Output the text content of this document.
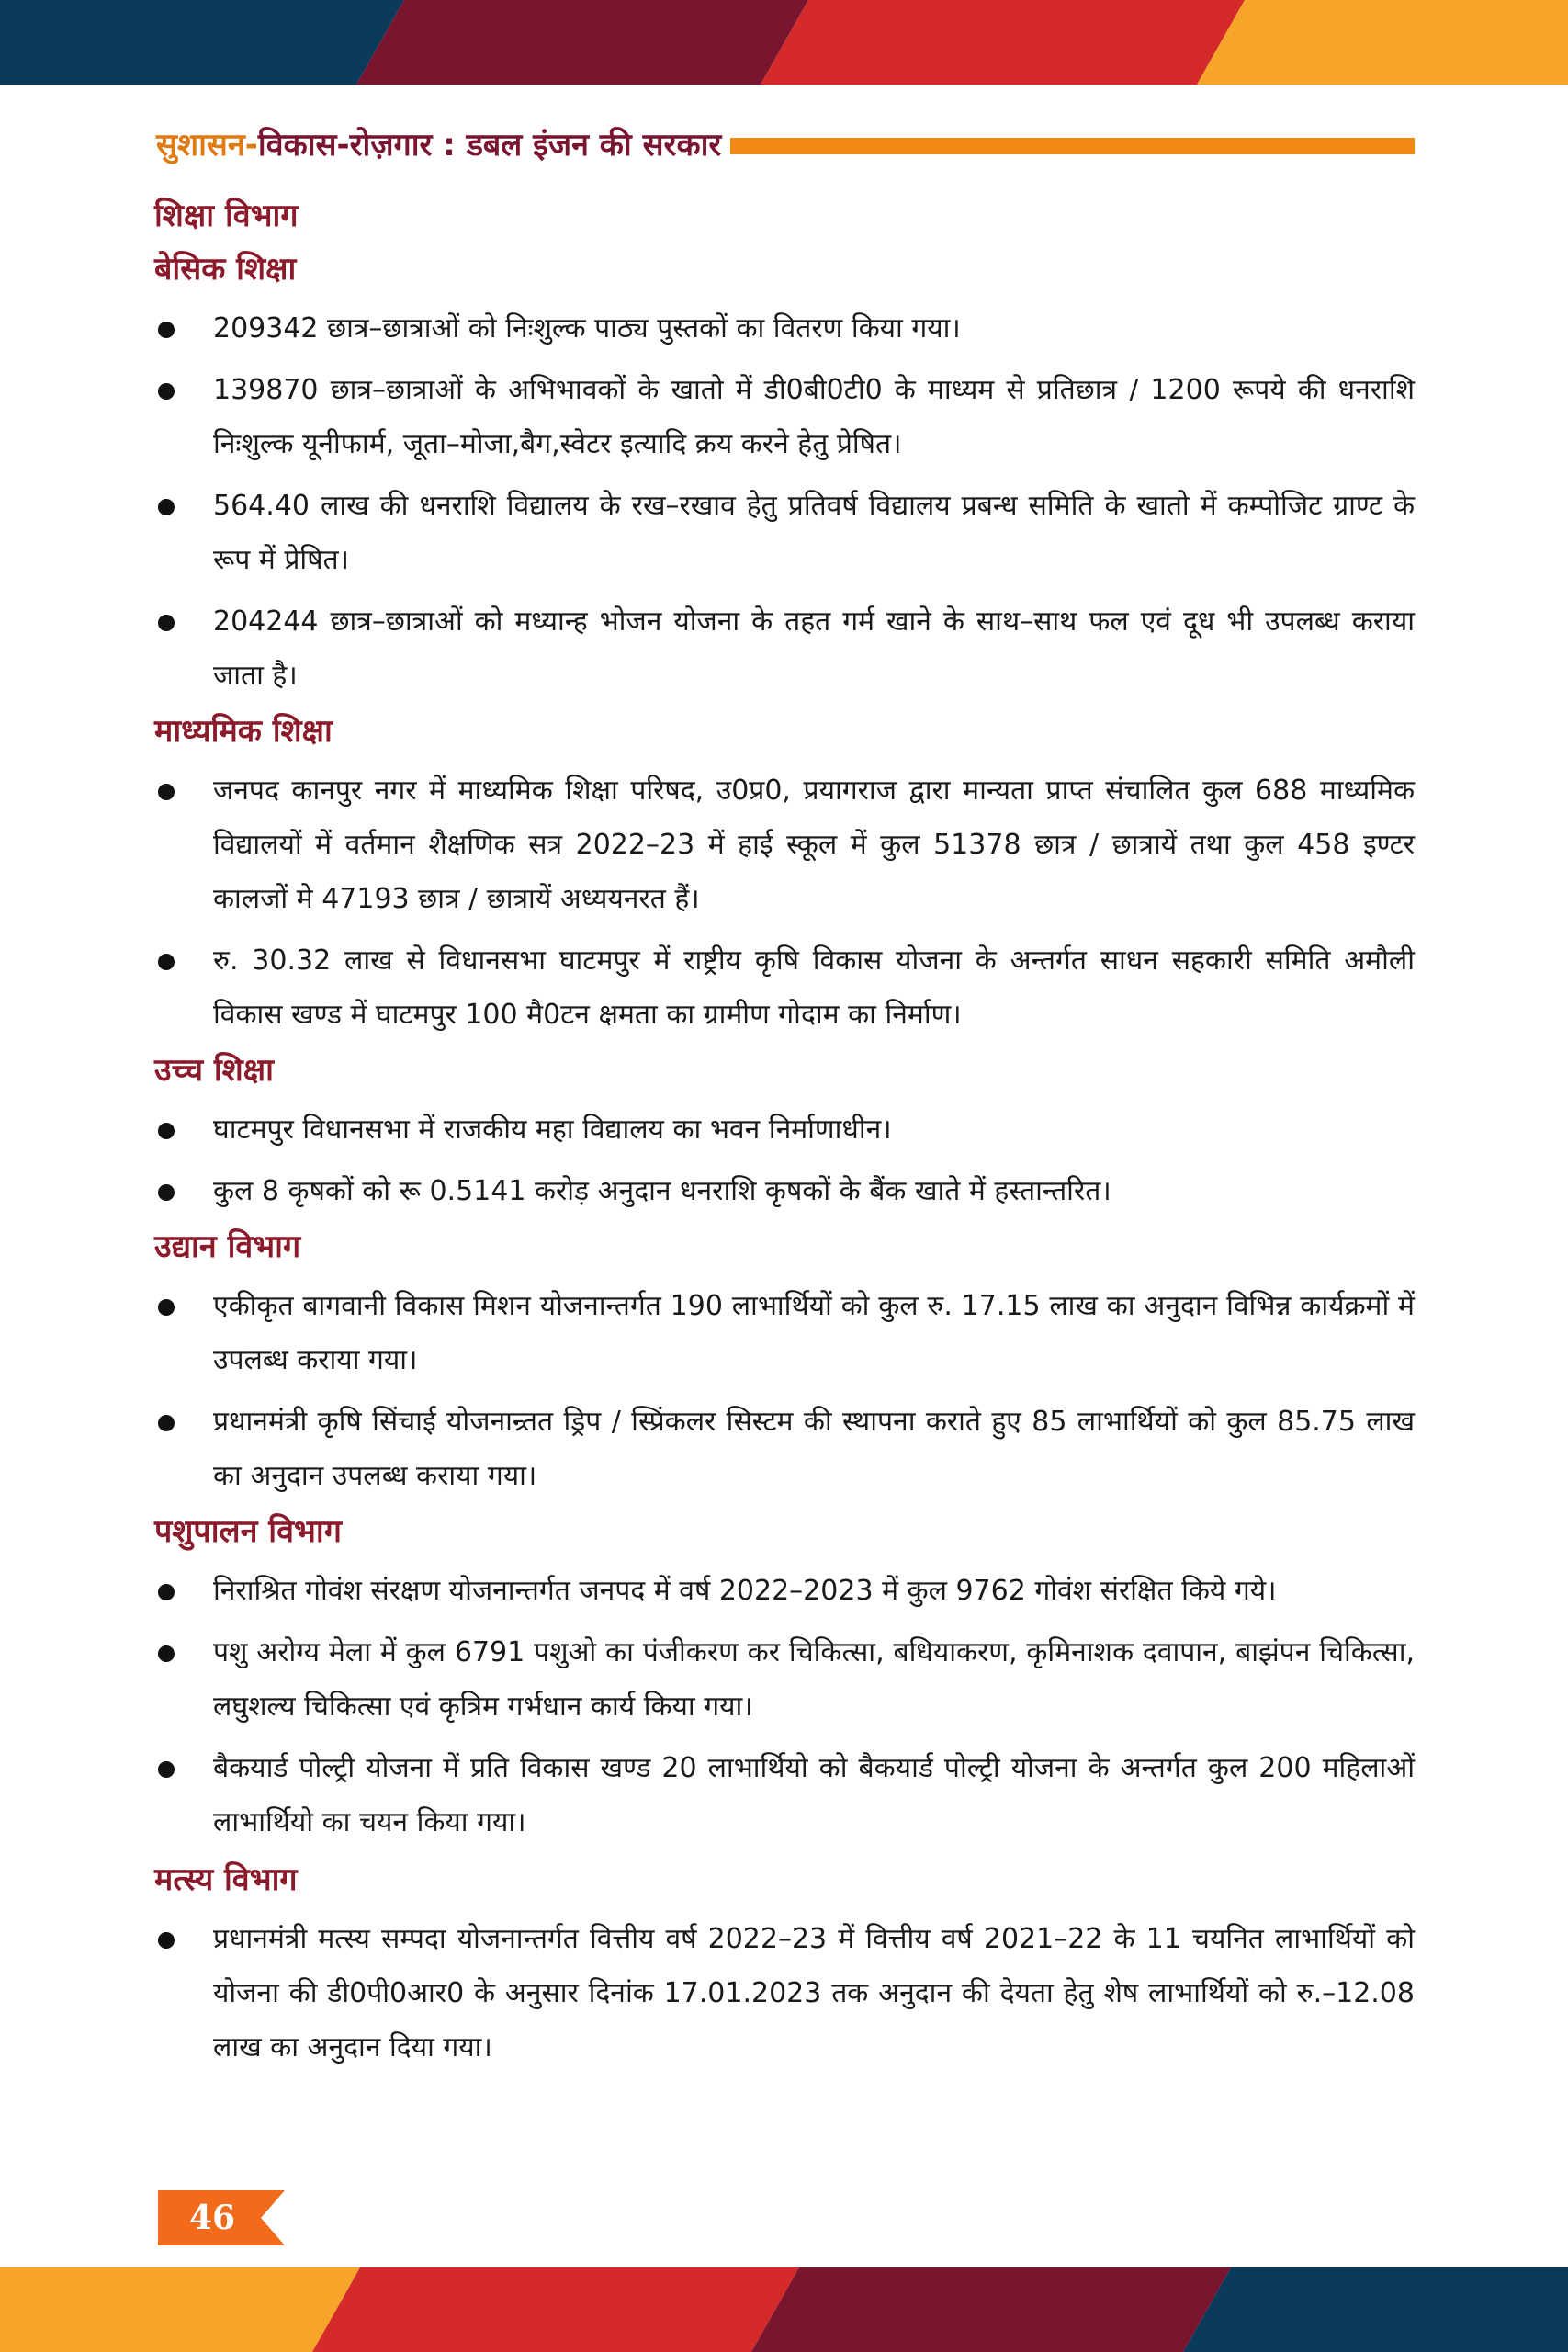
सुशासन-विकास-रोज़गार : डबल इंजन की सरकार
शिक्षा विभाग
बेसिक शिक्षा
209342 छात्र–छात्राओं को निःशुल्क पाठ्य पुस्तकों का वितरण किया गया।
139870 छात्र–छात्राओं के अभिभावकों के खातो में डी0बी0टी0 के माध्यम से प्रतिछात्र / 1200 रूपये की धनराशि निःशुल्क यूनीफार्म, जूता–मोजा,बैग,स्वेटर इत्यादि क्रय करने हेतु प्रेषित।
564.40 लाख की धनराशि विद्यालय के रख–रखाव हेतु प्रतिवर्ष विद्यालय प्रबन्ध समिति के खातो में कम्पोजिट ग्राण्ट के रूप में प्रेषित।
204244 छात्र–छात्राओं को मध्यान्ह भोजन योजना के तहत गर्म खाने के साथ–साथ फल एवं दूध भी उपलब्ध कराया जाता है।
माध्यमिक शिक्षा
जनपद कानपुर नगर में माध्यमिक शिक्षा परिषद, उ0प्र0, प्रयागराज द्वारा मान्यता प्राप्त संचालित कुल 688 माध्यमिक विद्यालयों में वर्तमान शैक्षणिक सत्र 2022–23 में हाई स्कूल में कुल 51378 छात्र / छात्रायें तथा कुल 458 इण्टर कालजों मे 47193 छात्र / छात्रायें अध्ययनरत हैं।
रु. 30.32 लाख से विधानसभा घाटमपुर में राष्ट्रीय कृषि विकास योजना के अन्तर्गत साधन सहकारी समिति अमौली विकास खण्ड में घाटमपुर 100 मै0टन क्षमता का ग्रामीण गोदाम का निर्माण।
उच्च शिक्षा
घाटमपुर विधानसभा में राजकीय महा विद्यालय का भवन निर्माणाधीन।
कुल 8 कृषकों को रू 0.5141 करोड़ अनुदान धनराशि कृषकों के बैंक खाते में हस्तान्तरित।
उद्यान विभाग
एकीकृत बागवानी विकास मिशन योजनान्तर्गत 190 लाभार्थियों को कुल रु. 17.15 लाख का अनुदान विभिन्न कार्यक्रमों में उपलब्ध कराया गया।
प्रधानमंत्री कृषि सिंचाई योजनान्र्तत ड्रिप / स्प्रिंकलर सिस्टम की स्थापना कराते हुए 85 लाभार्थियों को कुल 85.75 लाख का अनुदान उपलब्ध कराया गया।
पशुपालन विभाग
निराश्रित गोवंश संरक्षण योजनान्तर्गत जनपद में वर्ष 2022–2023 में कुल 9762 गोवंश संरक्षित किये गये।
पशु अरोग्य मेला में कुल 6791 पशुओ का पंजीकरण कर चिकित्सा, बधियाकरण, कृमिनाशक दवापान, बाझंपन चिकित्सा, लघुशल्य चिकित्सा एवं कृत्रिम गर्भधान कार्य किया गया।
बैकयार्ड पोल्ट्री योजना में प्रति विकास खण्ड 20 लाभार्थियो को बैकयार्ड पोल्ट्री योजना के अन्तर्गत कुल 200 महिलाओं लाभार्थियो का चयन किया गया।
मत्स्य विभाग
प्रधानमंत्री मत्स्य सम्पदा योजनान्तर्गत वित्तीय वर्ष 2022–23 में वित्तीय वर्ष 2021–22 के 11 चयनित लाभार्थियों को योजना की डी0पी0आर0 के अनुसार दिनांक 17.01.2023 तक अनुदान की देयता हेतु शेष लाभार्थियों को रु.–12.08 लाख का अनुदान दिया गया।
46
